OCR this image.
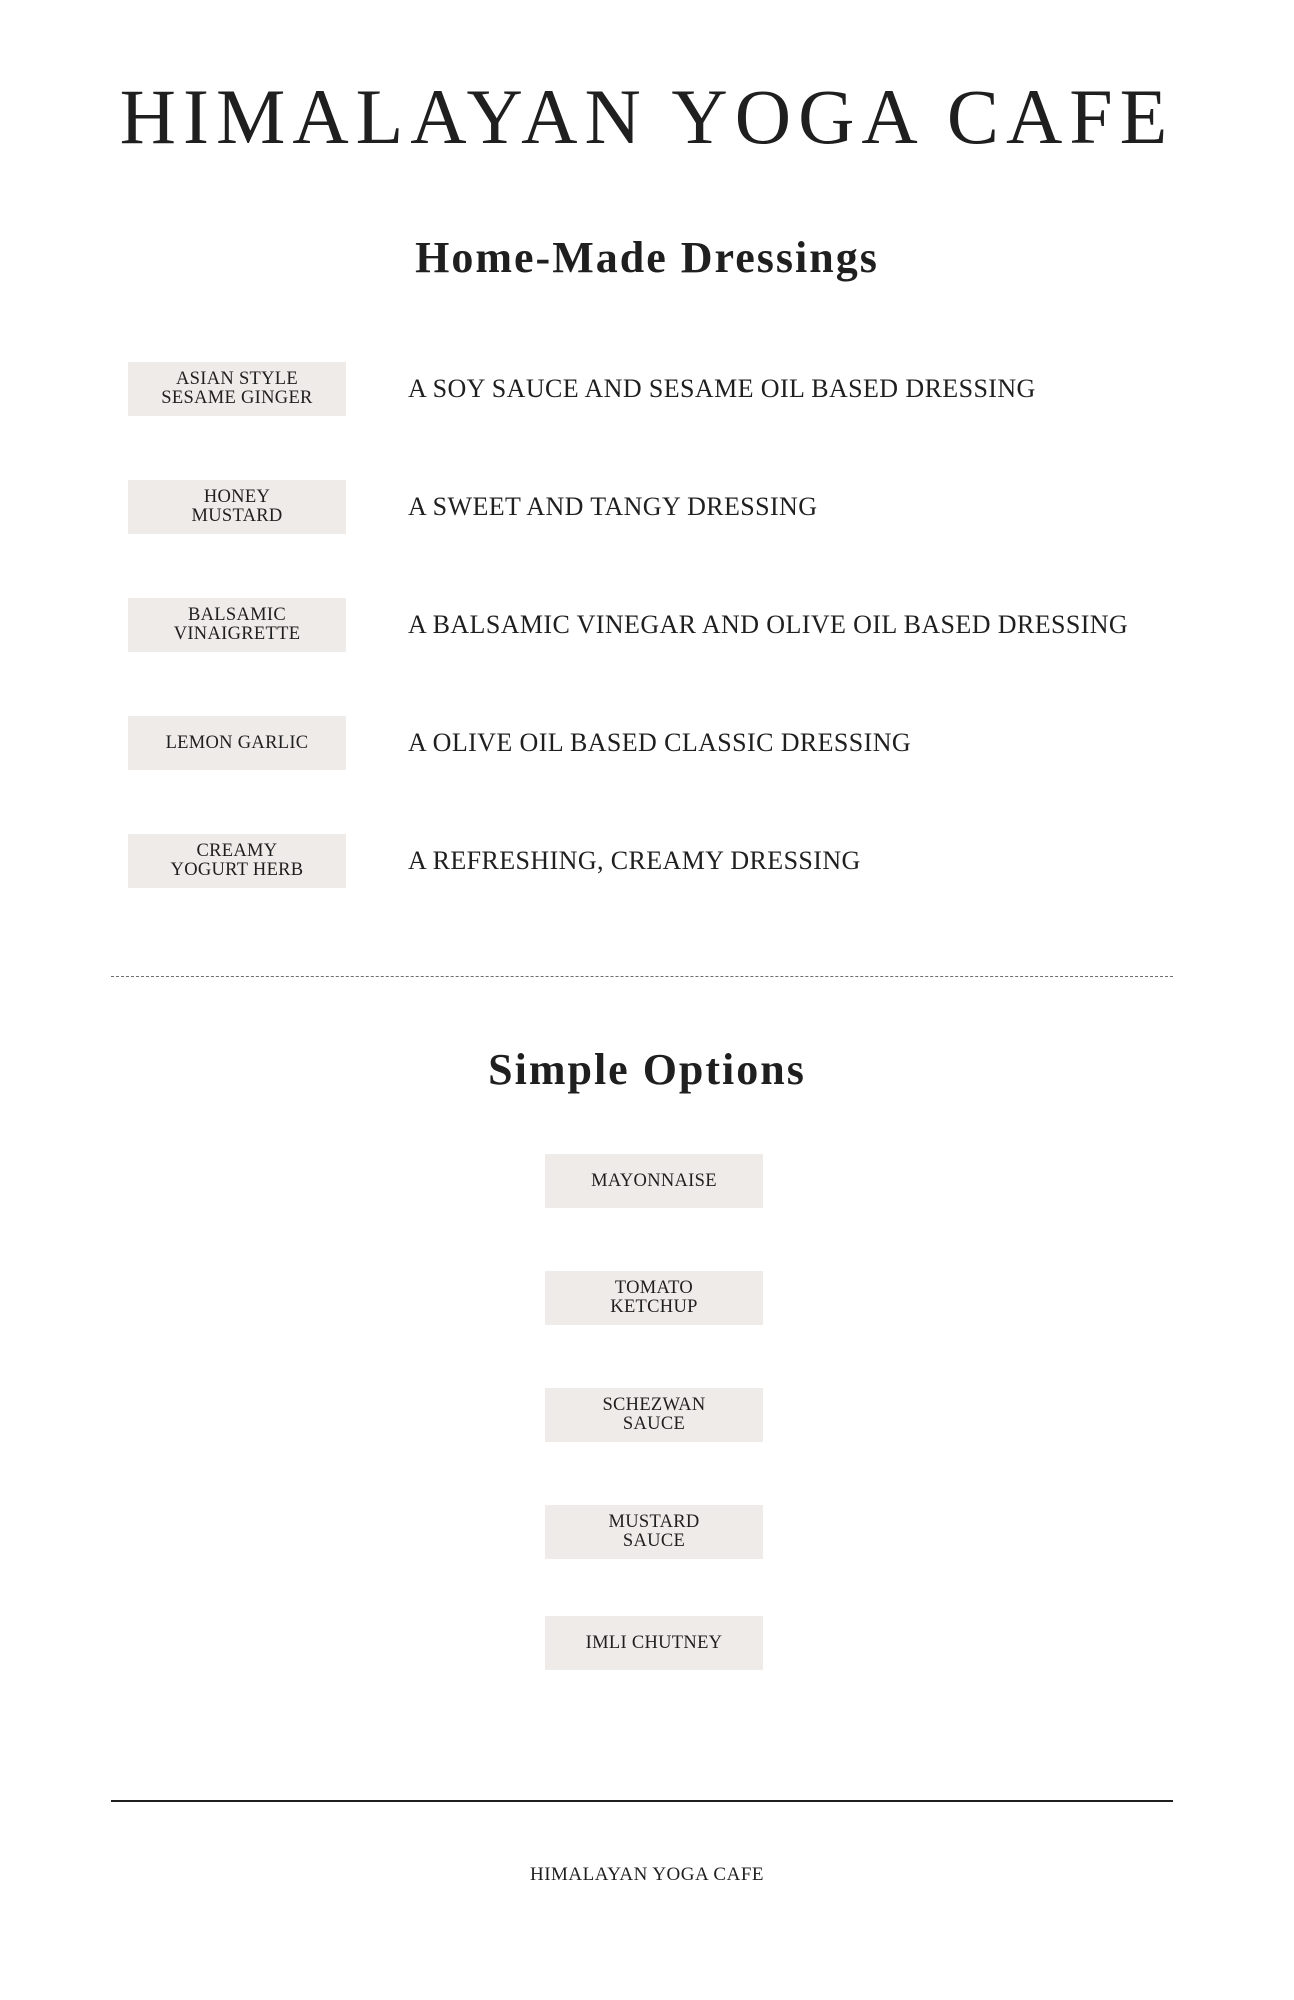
HIMALAYAN YOGA CAFE
Home-Made Dressings
ASIAN STYLE
SESAME GINGER	A SOY SAUCE AND SESAME OIL BASED DRESSING
HONEY
MUSTARD	A SWEET AND TANGY DRESSING
BALSAMIC
VINAIGRETTE	A BALSAMIC VINEGAR AND OLIVE OIL BASED DRESSING
LEMON GARLIC	A OLIVE OIL BASED CLASSIC DRESSING
CREAMY
YOGURT HERB	A REFRESHING, CREAMY DRESSING
Simple Options
MAYONNAISE
TOMATO
KETCHUP
SCHEZWAN
SAUCE
MUSTARD
SAUCE
IMLI CHUTNEY
HIMALAYAN YOGA CAFE
